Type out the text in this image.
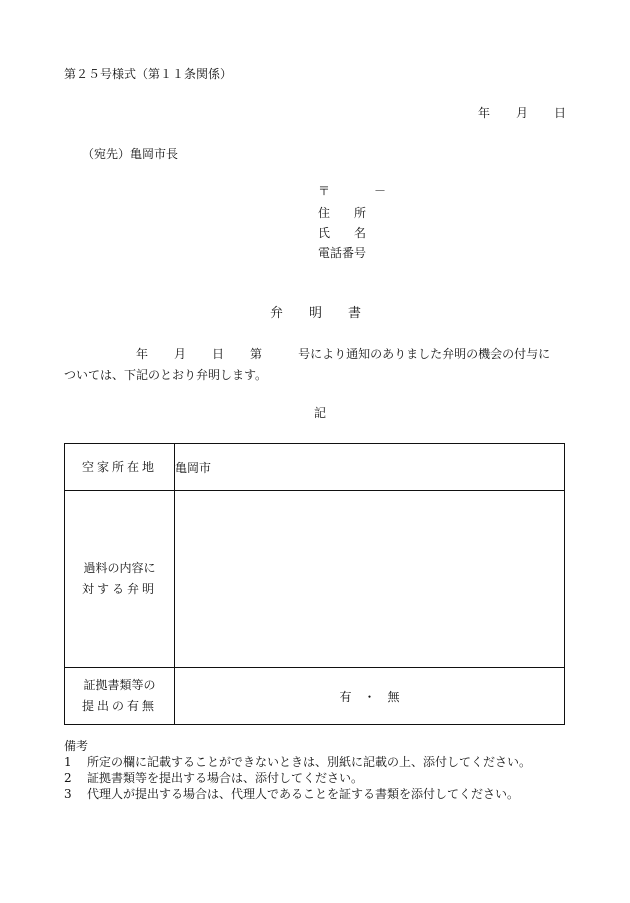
第２５号様式（第１１条関係）
年 月 日
（宛先）亀岡市長
〒	－
住　　所
氏　　名
電話番号
弁　　明　　書
年 月 日 第	号により通知のありました弁明の機会の付与に
ついては、下記のとおり弁明します。
記
空家所在地	亀岡市

過料の内容に
対する弁明	

証拠書類等の
提出の有無	有　・　無
備考
1 所定の欄に記載することができないときは、別紙に記載の上、添付してください。
2 証拠書類等を提出する場合は、添付してください。
3 代理人が提出する場合は、代理人であることを証する書類を添付してください。
